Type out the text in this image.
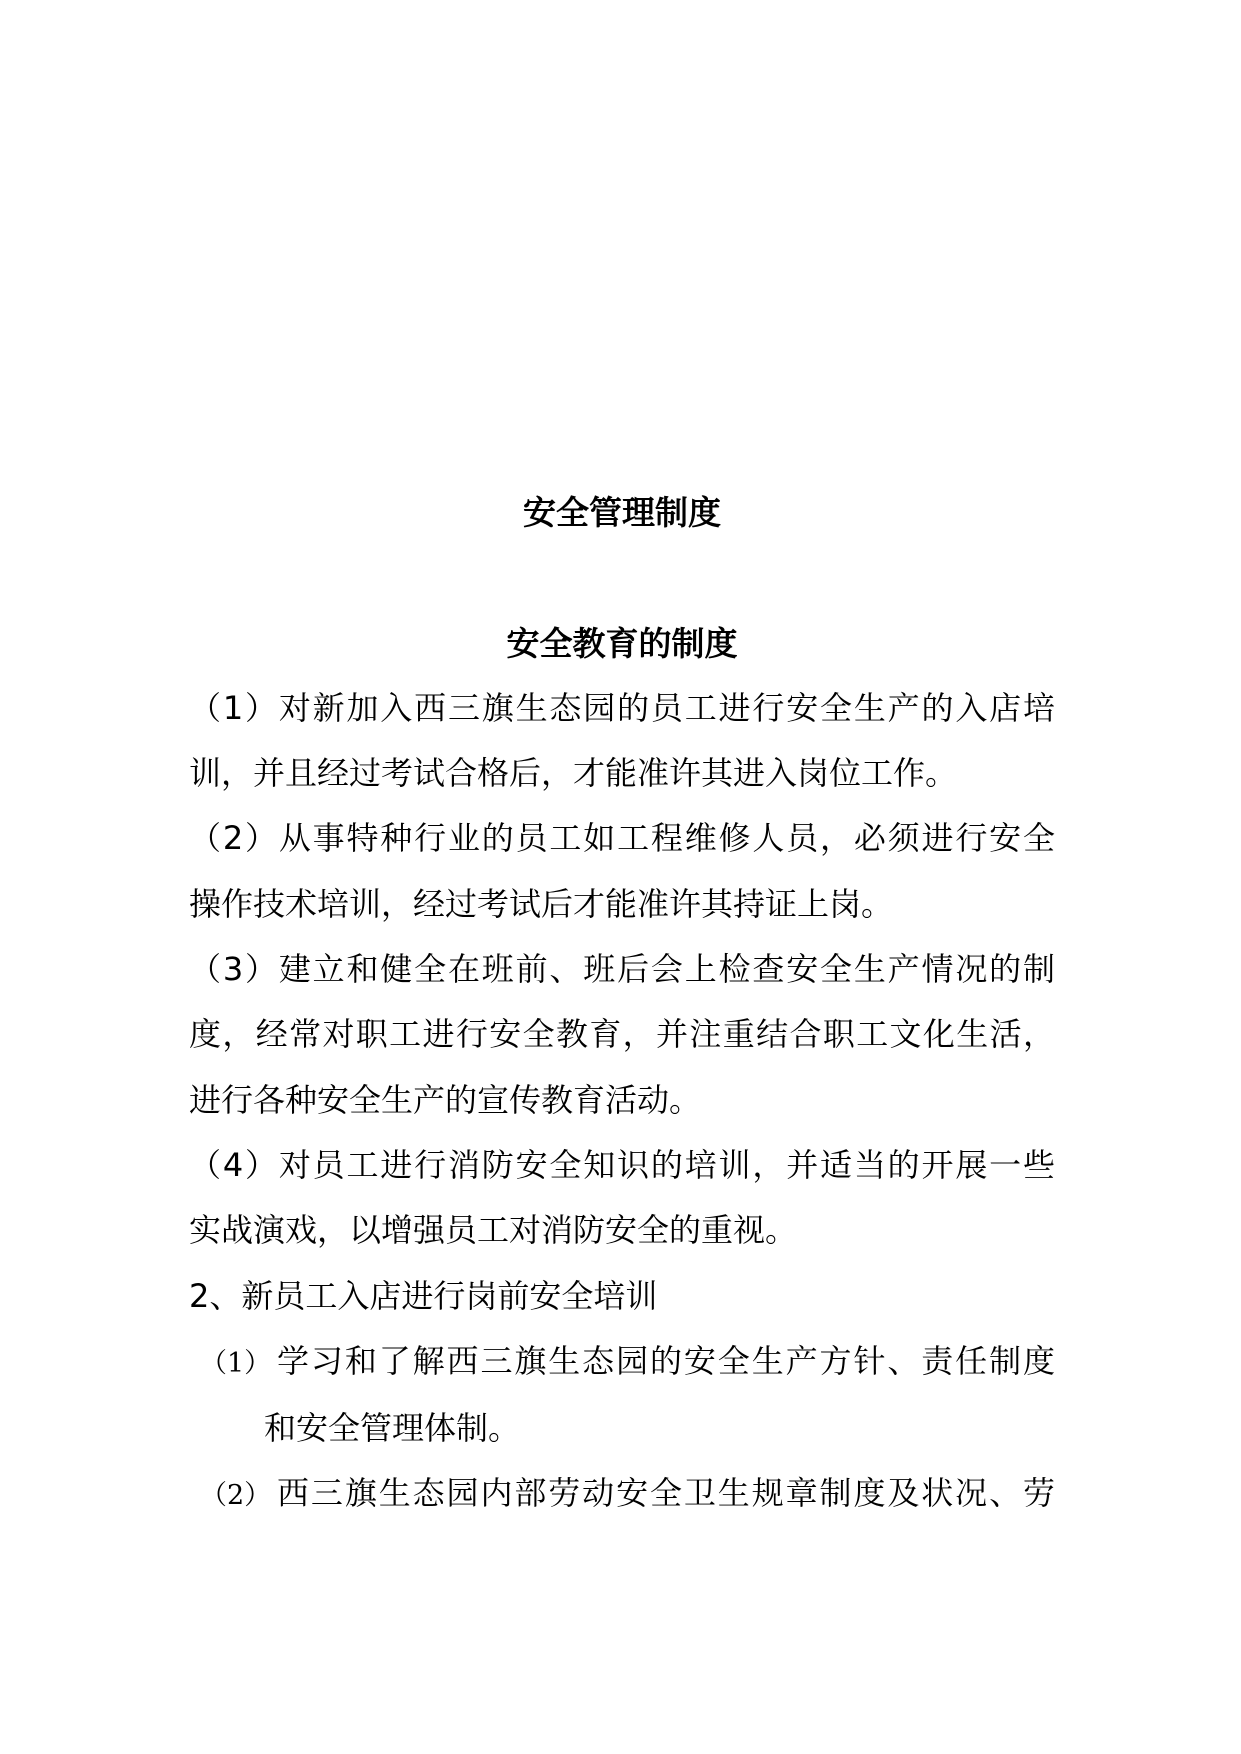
安全管理制度
安全教育的制度
（1）对新加入西三旗生态园的员工进行安全生产的入店培
训，并且经过考试合格后，才能准许其进入岗位工作。
（2）从事特种行业的员工如工程维修人员，必须进行安全
操作技术培训，经过考试后才能准许其持证上岗。
（3）建立和健全在班前、班后会上检查安全生产情况的制
度，经常对职工进行安全教育，并注重结合职工文化生活，
进行各种安全生产的宣传教育活动。
（4）对员工进行消防安全知识的培训，并适当的开展一些
实战演戏，以增强员工对消防安全的重视。
2、新员工入店进行岗前安全培训
（1） 学习和了解西三旗生态园的安全生产方针、责任制度
和安全管理体制。
（2） 西三旗生态园内部劳动安全卫生规章制度及状况、劳
